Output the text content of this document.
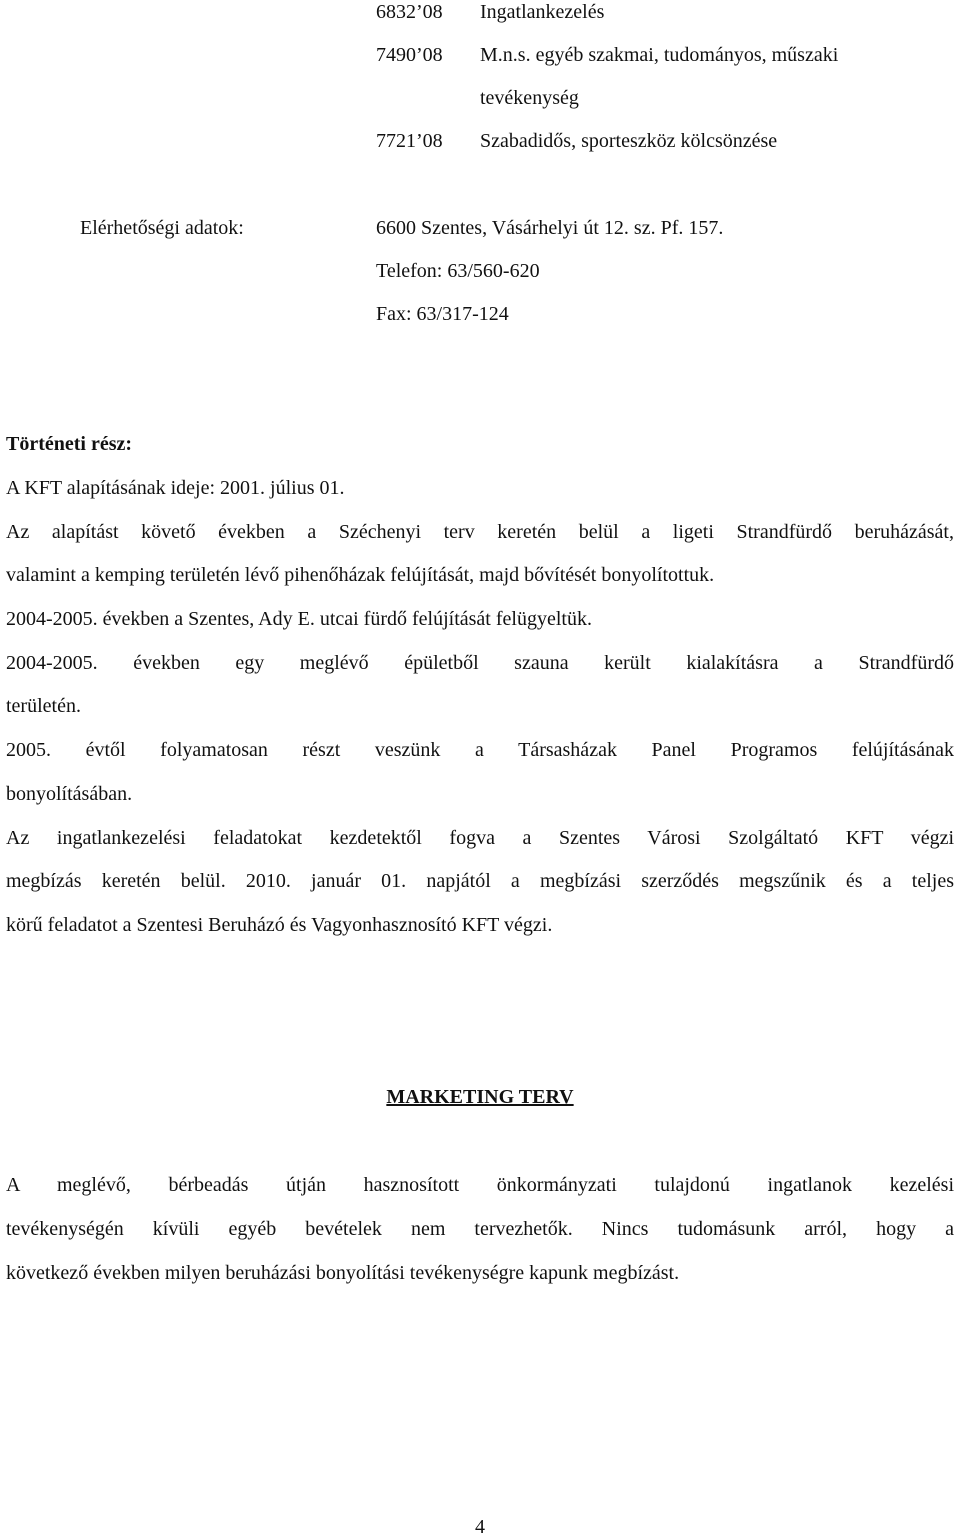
6832’08 Ingatlankezelés
7490’08 M.n.s. egyéb szakmai, tudományos, műszaki
tevékenység
7721’08 Szabadidős, sporteszköz kölcsönzése
Elérhetőségi adatok:	6600 Szentes, Vásárhelyi út 12. sz. Pf. 157.
Telefon: 63/560-620
Fax: 63/317-124
Történeti rész:
A KFT alapításának ideje: 2001. július 01.
Az alapítást követő években a Széchenyi terv keretén belül a ligeti Strandfürdő beruházását,
valamint a kemping területén lévő pihenőházak felújítását, majd bővítését bonyolítottuk.
2004-2005. években a Szentes, Ady E. utcai fürdő felújítását felügyeltük.
2004-2005. években egy meglévő épületből szauna került kialakításra a Strandfürdő
területén.
2005. évtől folyamatosan részt veszünk a Társasházak Panel Programos felújításának
bonyolításában.
Az ingatlankezelési feladatokat kezdetektől fogva a Szentes Városi Szolgáltató KFT végzi
megbízás keretén belül. 2010. január 01. napjától a megbízási szerződés megszűnik és a teljes
körű feladatot a Szentesi Beruházó és Vagyonhasznosító KFT végzi.
MARKETING TERV
A meglévő, bérbeadás útján hasznosított önkormányzati tulajdonú ingatlanok kezelési
tevékenységén kívüli egyéb bevételek nem tervezhetők. Nincs tudomásunk arról, hogy a
következő években milyen beruházási bonyolítási tevékenységre kapunk megbízást.
4
